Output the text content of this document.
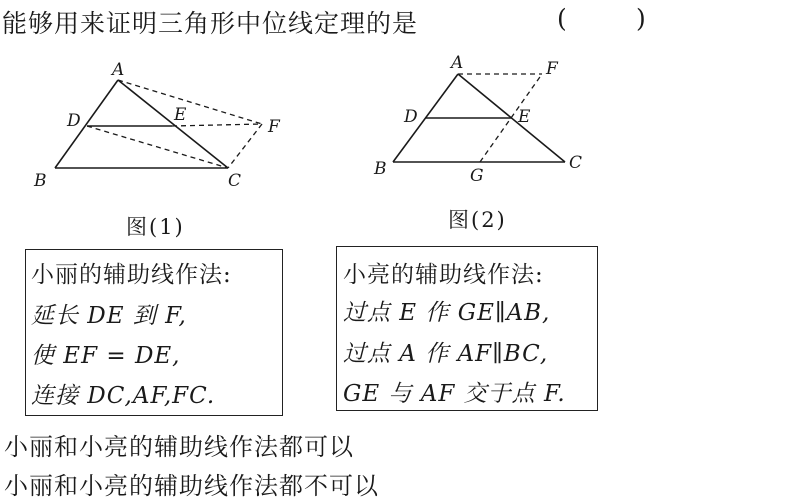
能够用来证明三角形中位线定理的是	(	)
A
B	C
D	E
F
A
B	C
D	E
F
G
图(1)	图(2)
小丽的辅助线作法:
延长 DE 到 F,
使 EF = DE,
连接 DC,AF,FC.
小亮的辅助线作法:
过点 E 作 GE∥AB,
过点 A 作 AF∥BC,
GE 与 AF 交于点 F.
小丽和小亮的辅助线作法都可以
小丽和小亮的辅助线作法都不可以
